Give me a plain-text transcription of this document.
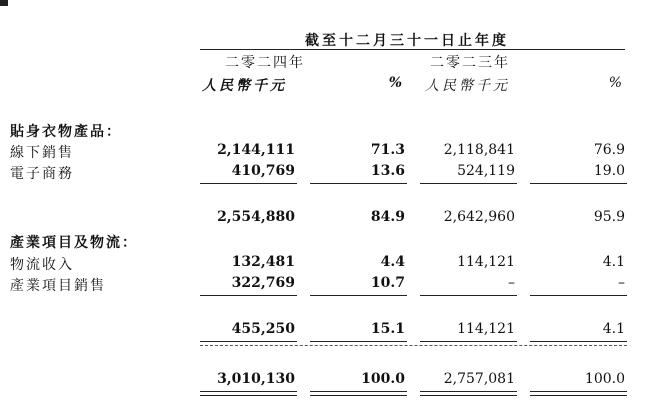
截至十二月三十一日止年度
二零二四年	二零二三年
人民幣千元	% 人民幣千元	%
貼身衣物產品：
線下銷售	2,144,111	71.3	2,118,841	76.9
電子商務	410,769	13.6	524,119	19.0
2,554,880	84.9	2,642,960	95.9
產業項目及物流：
物流收入	132,481	4.4	114,121	4.1
產業項目銷售	322,769	10.7	–	–
455,250	15.1	114,121	4.1
3,010,130	100.0	2,757,081	100.0
